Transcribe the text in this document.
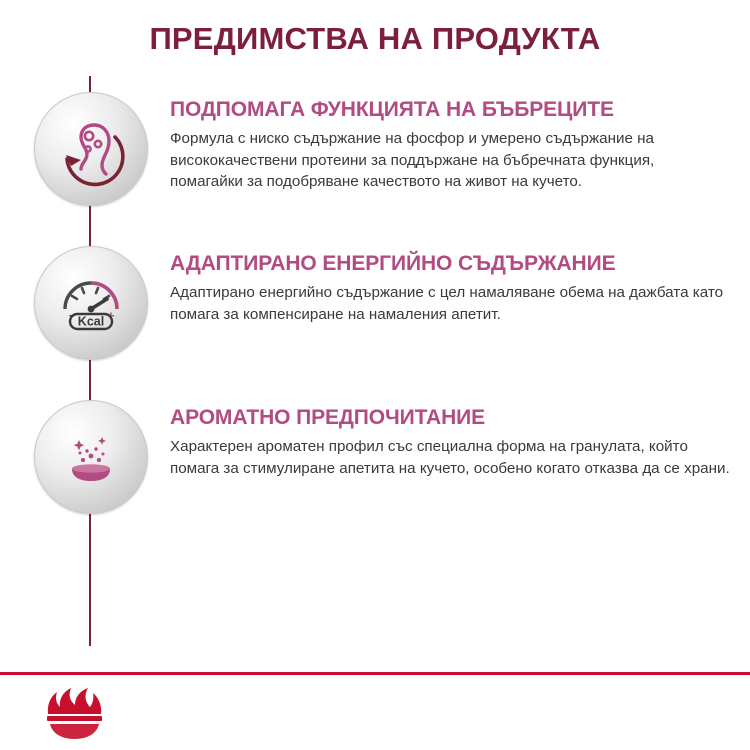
ПРЕДИМСТВА НА ПРОДУКТА
ПОДПОМАГА ФУНКЦИЯТА НА БЪБРЕЦИТЕ

Формула с ниско съдържание на фосфор и умерено съдържание на висококачествени протеини за поддържане на бъбречната функция, помагайки за подобряване качеството на живот на кучето.

-	+
Kcal
АДАПТИРАНО ЕНЕРГИЙНО СЪДЪРЖАНИЕ

Адаптирано енергийно съдържание с цел намаляване обема на дажбата като помага за компенсиране на намаления апетит.

АРОМАТНО ПРЕДПОЧИТАНИЕ

Характерен ароматен профил със специална форма на гранулата, който помага за стимулиране апетита на кучето, особено когато отказва да се храни.
